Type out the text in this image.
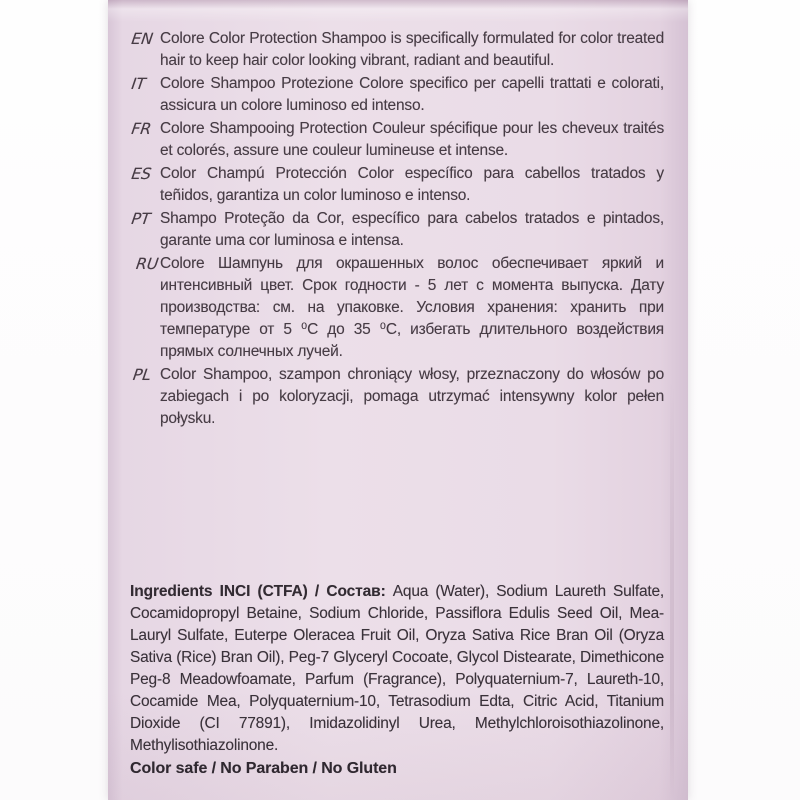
EN Colore Color Protection Shampoo is specifically formulated for color treated hair to keep hair color looking vibrant, radiant and beautiful.
IT Colore Shampoo Protezione Colore specifico per capelli trattati e colorati, assicura un colore luminoso ed intenso.
FR Colore Shampooing Protection Couleur spécifique pour les cheveux traités et colorés, assure une couleur lumineuse et intense.
ES Color Champú Protección Color específico para cabellos tratados y teñidos, garantiza un color luminoso e intenso.
PT Shampo Proteção da Cor, específico para cabelos tratados e pintados, garante uma cor luminosa e intensa.
RU Colore Шампунь для окрашенных волос обеспечивает яркий и интенсивный цвет. Срок годности - 5 лет с момента выпуска. Дату производства: см. на упаковке. Условия хранения: хранить при температуре от 5 ⁰С до 35 ⁰С, избегать длительного воздействия прямых солнечных лучей.
PL Color Shampoo, szampon chroniący włosy, przeznaczony do włosów po zabiegach i po koloryzacji, pomaga utrzymać intensywny kolor pełen połysku.

Ingredients INCI (CTFA) / Состав: Aqua (Water), Sodium Laureth Sulfate, Cocamidopropyl Betaine, Sodium Chloride, Passiflora Edulis Seed Oil, Mea-Lauryl Sulfate, Euterpe Oleracea Fruit Oil, Oryza Sativa Rice Bran Oil (Oryza Sativa (Rice) Bran Oil), Peg-7 Glyceryl Cocoate, Glycol Distearate, Dimethicone Peg-8 Meadowfoamate, Parfum (Fragrance), Polyquaternium-7, Laureth-10, Cocamide Mea, Polyquaternium-10, Tetrasodium Edta, Citric Acid, Titanium Dioxide (CI 77891), Imidazolidinyl Urea, Methylchloroisothiazolinone, Methylisothiazolinone.

Color safe / No Paraben / No Gluten
